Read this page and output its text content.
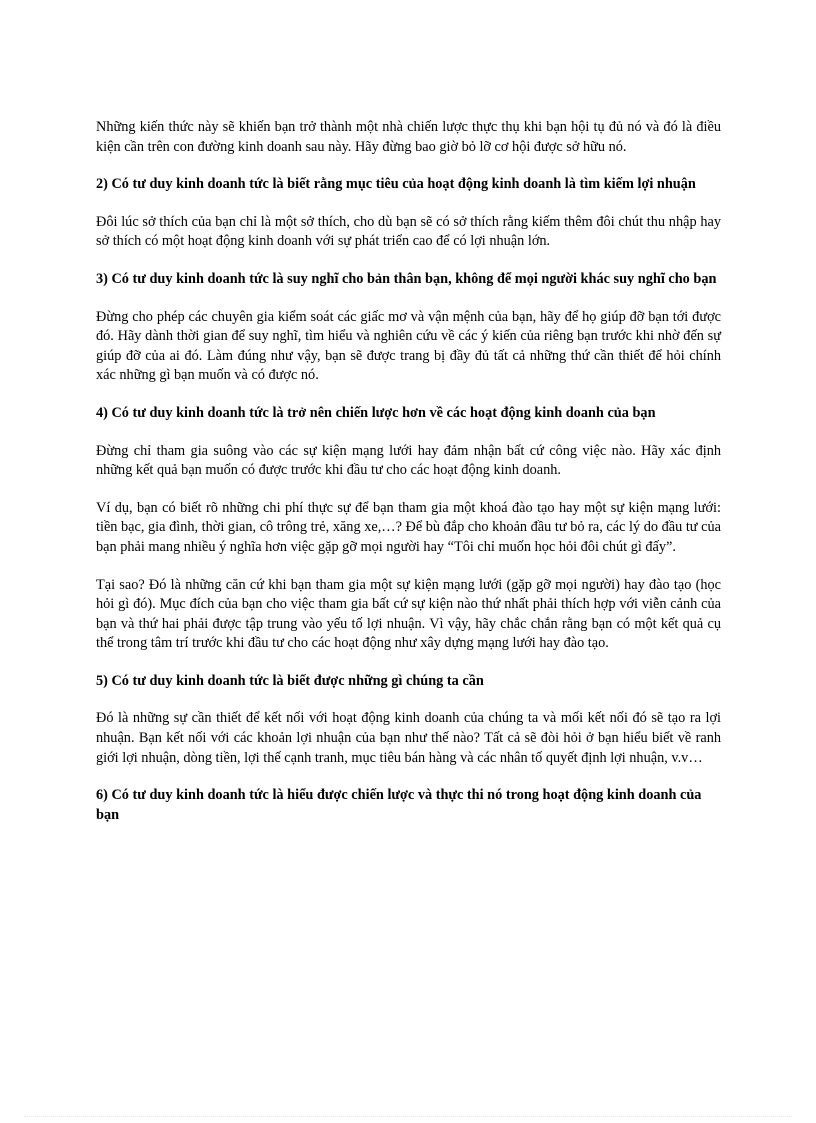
Những kiến thức này sẽ khiến bạn trở thành một nhà chiến lược thực thụ khi bạn hội tụ đủ nó và đó là điều kiện cần trên con đường kinh doanh sau này. Hãy đừng bao giờ bỏ lỡ cơ hội được sở hữu nó.

2) Có tư duy kinh doanh tức là biết rằng mục tiêu của hoạt động kinh doanh là tìm kiếm lợi nhuận

Đôi lúc sở thích của bạn chỉ là một sở thích, cho dù bạn sẽ có sở thích rằng kiếm thêm đôi chút thu nhập hay sở thích có một hoạt động kinh doanh với sự phát triển cao để có lợi nhuận lớn.

3) Có tư duy kinh doanh tức là suy nghĩ cho bản thân bạn, không để mọi người khác suy nghĩ cho bạn

Đừng cho phép các chuyên gia kiểm soát các giấc mơ và vận mệnh của bạn, hãy để họ giúp đỡ bạn tới được đó. Hãy dành thời gian để suy nghĩ, tìm hiểu và nghiên cứu về các ý kiến của riêng bạn trước khi nhờ đến sự giúp đỡ của ai đó. Làm đúng như vậy, bạn sẽ được trang bị đầy đủ tất cả những thứ cần thiết để hỏi chính xác những gì bạn muốn và có được nó.

4) Có tư duy kinh doanh tức là trở nên chiến lược hơn về các hoạt động kinh doanh của bạn

Đừng chỉ tham gia suông vào các sự kiện mạng lưới hay đảm nhận bất cứ công việc nào. Hãy xác định những kết quả bạn muốn có được trước khi đầu tư cho các hoạt động kinh doanh.

Ví dụ, bạn có biết rõ những chi phí thực sự để bạn tham gia một khoá đào tạo hay một sự kiện mạng lưới: tiền bạc, gia đình, thời gian, cô trông trẻ, xăng xe,…? Để bù đắp cho khoản đầu tư bỏ ra, các lý do đầu tư của bạn phải mang nhiều ý nghĩa hơn việc gặp gỡ mọi người hay “Tôi chỉ muốn học hỏi đôi chút gì đấy”.

Tại sao? Đó là những căn cứ khi bạn tham gia một sự kiện mạng lưới (gặp gỡ mọi người) hay đào tạo (học hỏi gì đó). Mục đích của bạn cho việc tham gia bất cứ sự kiện nào thứ nhất phải thích hợp với viễn cảnh của bạn và thứ hai phải được tập trung vào yếu tố lợi nhuận. Vì vậy, hãy chắc chắn rằng bạn có một kết quả cụ thể trong tâm trí trước khi đầu tư cho các hoạt động như xây dựng mạng lưới hay đào tạo.

5) Có tư duy kinh doanh tức là biết được những gì chúng ta cần

Đó là những sự cần thiết để kết nối với hoạt động kinh doanh của chúng ta và mối kết nối đó sẽ tạo ra lợi nhuận. Bạn kết nối với các khoản lợi nhuận của bạn như thế nào? Tất cả sẽ đòi hỏi ở bạn hiểu biết về ranh giới lợi nhuận, dòng tiền, lợi thế cạnh tranh, mục tiêu bán hàng và các nhân tố quyết định lợi nhuận, v.v…

6) Có tư duy kinh doanh tức là hiểu được chiến lược và thực thi nó trong hoạt động kinh doanh của bạn
